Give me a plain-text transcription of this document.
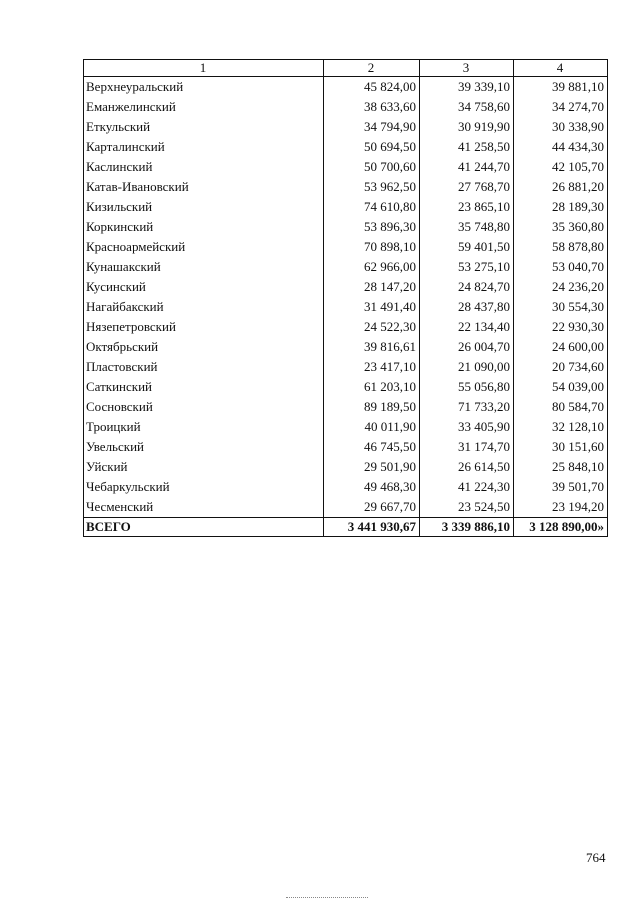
1	2	3	4
Верхнеуральский	45 824,00	39 339,10	39 881,10
Еманжелинский	38 633,60	34 758,60	34 274,70
Еткульский	34 794,90	30 919,90	30 338,90
Карталинский	50 694,50	41 258,50	44 434,30
Каслинский	50 700,60	41 244,70	42 105,70
Катав-Ивановский	53 962,50	27 768,70	26 881,20
Кизильский	74 610,80	23 865,10	28 189,30
Коркинский	53 896,30	35 748,80	35 360,80
Красноармейский	70 898,10	59 401,50	58 878,80
Кунашакский	62 966,00	53 275,10	53 040,70
Кусинский	28 147,20	24 824,70	24 236,20
Нагайбакский	31 491,40	28 437,80	30 554,30
Нязепетровский	24 522,30	22 134,40	22 930,30
Октябрьский	39 816,61	26 004,70	24 600,00
Пластовский	23 417,10	21 090,00	20 734,60
Саткинский	61 203,10	55 056,80	54 039,00
Сосновский	89 189,50	71 733,20	80 584,70
Троицкий	40 011,90	33 405,90	32 128,10
Увельский	46 745,50	31 174,70	30 151,60
Уйский	29 501,90	26 614,50	25 848,10
Чебаркульский	49 468,30	41 224,30	39 501,70
Чесменский	29 667,70	23 524,50	23 194,20
ВСЕГО	3 441 930,67	3 339 886,10	3 128 890,00»
764
